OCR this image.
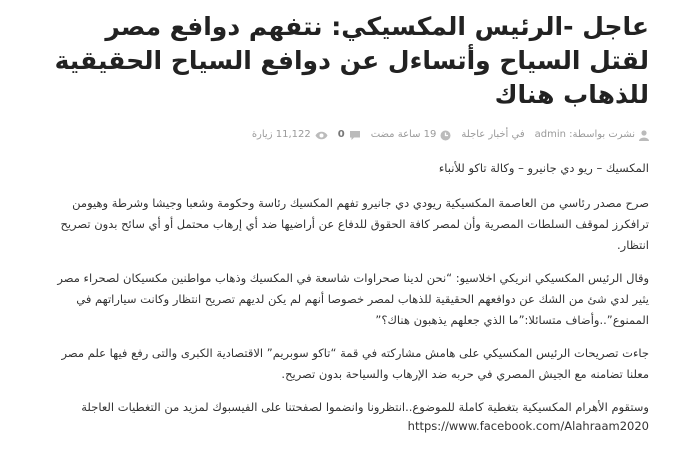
عاجل -الرئيس المكسيكي: نتفهم دوافع مصر لقتل السياح وأتساءل عن دوافع السياح الحقيقية للذهاب هناك
نشرت بواسطة:

admin
في

أخبار عاجلة
19 ساعة مضت
0
11,122 زيارة

المكسيك – ريو دي جانيرو – وكالة تاكو للأنباء

صرح مصدر رئاسي من العاصمة المكسيكية ريودي دي جانيرو تفهم المكسيك رئاسة وحكومة وشعبا وجيشا وشرطة وهيومن ترافكرز لموقف السلطات المصرية وأن لمصر كافة الحقوق للدفاع عن أراضيها ضد أي إرهاب محتمل أو أي سائح بدون تصريح انتظار.

وقال الرئيس المكسيكي انريكي اخلاسيو: “نحن لدينا صحراوات شاسعة في المكسيك وذهاب مواطنين مكسيكان لصحراء مصر يثير لدي شئ من الشك عن دوافعهم الحقيقية للذهاب لمصر خصوصا أنهم لم يكن لديهم تصريح انتظار وكانت سياراتهم في الممنوع”..وأضاف متسائلا:”ما الذي جعلهم يذهبون هناك؟”

جاءت تصريحات الرئيس المكسيكي على هامش مشاركته في قمة “تاكو سوبريم” الاقتصادية الكبرى والتى رفع فيها علم مصر معلنا تضامنه مع الجيش المصري في حربه ضد الإرهاب والسياحة بدون تصريح.

وستقوم الأهرام المكسيكية بتغطية كاملة للموضوع..انتظرونا وانضموا لصفحتنا على الفيسبوك لمزيد من التغطيات العاجلة

https://www.facebook.com/Alahraam2020
